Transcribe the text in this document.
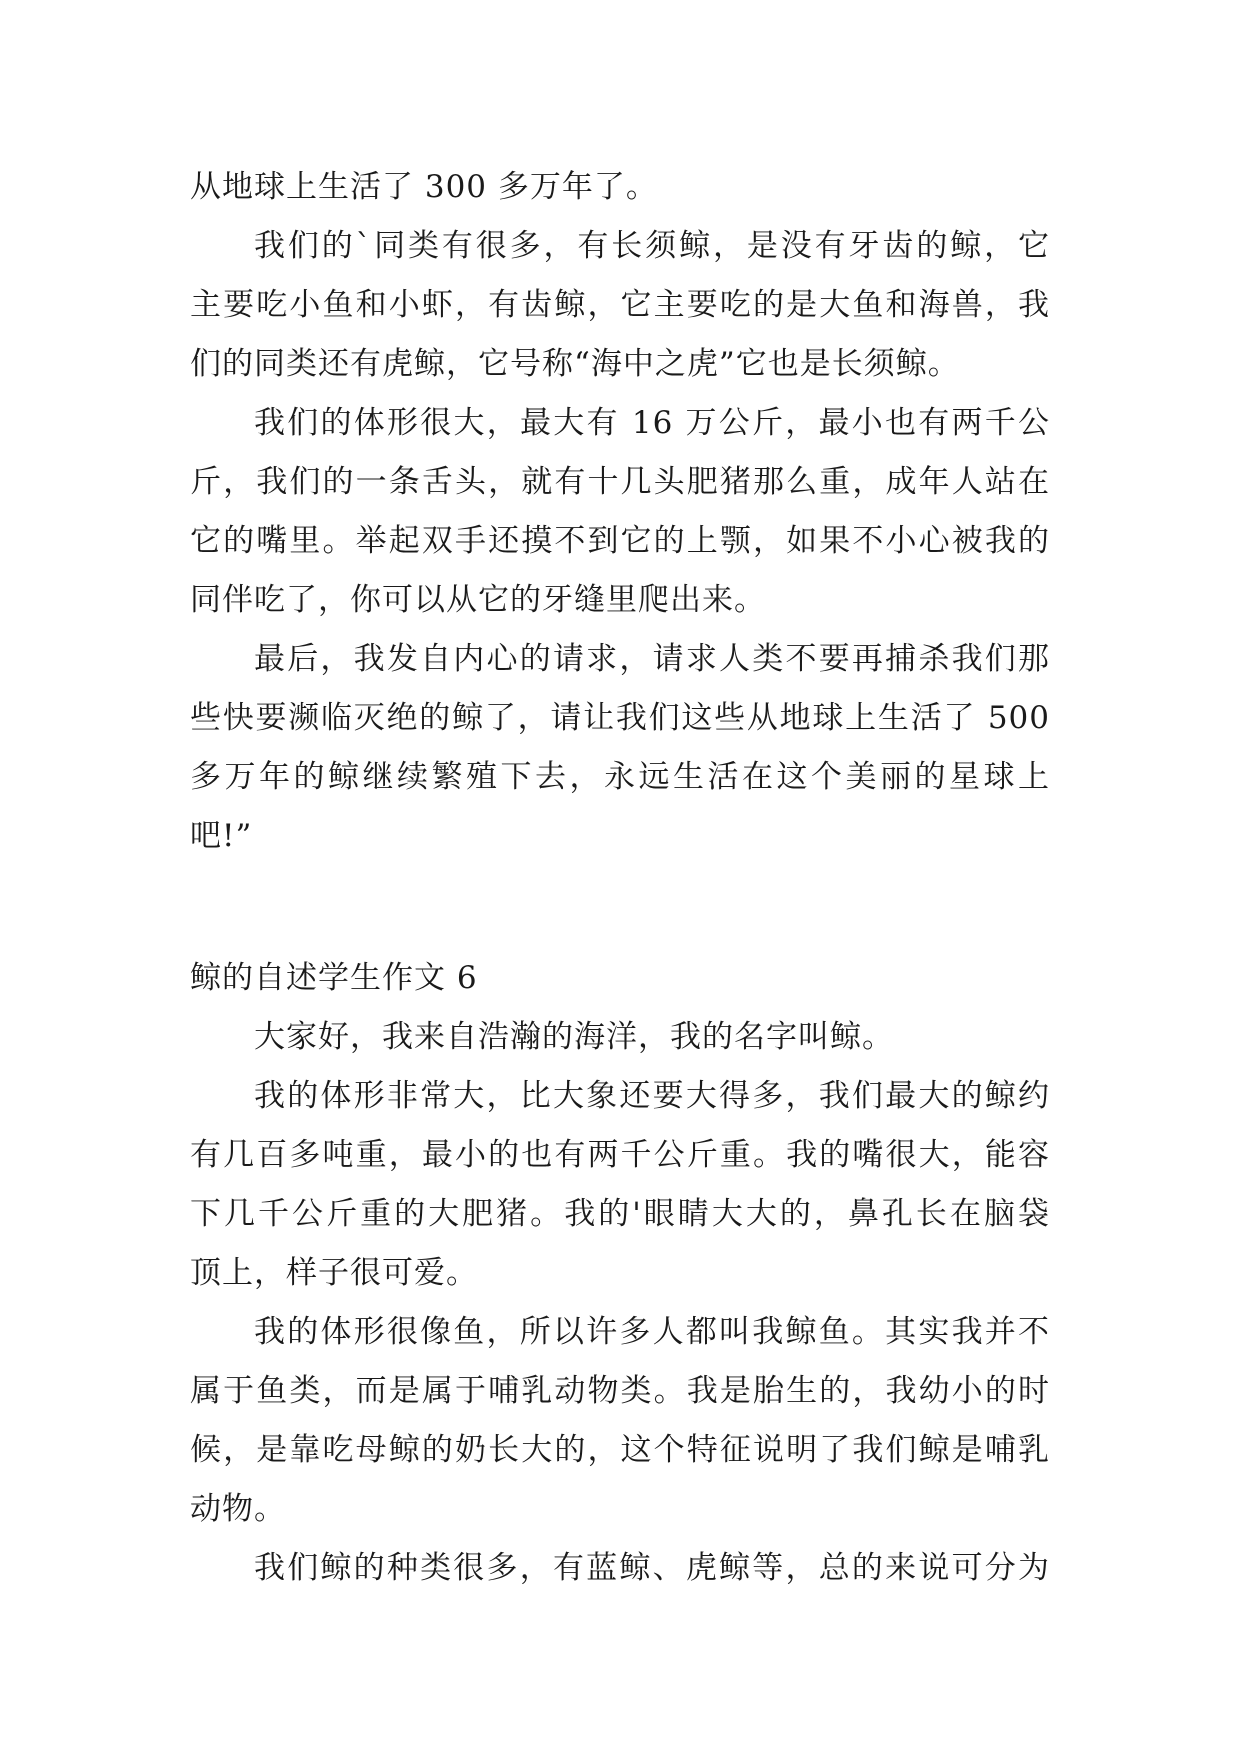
从地球上生活了 300 多万年了。
我们的`同类有很多，有长须鲸，是没有牙齿的鲸，它
主要吃小鱼和小虾，有齿鲸，它主要吃的是大鱼和海兽，我
们的同类还有虎鲸，它号称“海中之虎”它也是长须鲸。
我们的体形很大，最大有 16 万公斤，最小也有两千公
斤，我们的一条舌头，就有十几头肥猪那么重，成年人站在
它的嘴里。举起双手还摸不到它的上颚，如果不小心被我的
同伴吃了，你可以从它的牙缝里爬出来。
最后，我发自内心的请求，请求人类不要再捕杀我们那
些快要濒临灭绝的鲸了，请让我们这些从地球上生活了 500
多万年的鲸继续繁殖下去，永远生活在这个美丽的星球上
吧!”
鲸的自述学生作文 6
大家好，我来自浩瀚的海洋，我的名字叫鲸。
我的体形非常大，比大象还要大得多，我们最大的鲸约
有几百多吨重，最小的也有两千公斤重。我的嘴很大，能容
下几千公斤重的大肥猪。我的'眼睛大大的，鼻孔长在脑袋
顶上，样子很可爱。
我的体形很像鱼，所以许多人都叫我鲸鱼。其实我并不
属于鱼类，而是属于哺乳动物类。我是胎生的，我幼小的时
候，是靠吃母鲸的奶长大的，这个特征说明了我们鲸是哺乳
动物。
我们鲸的种类很多，有蓝鲸、虎鲸等，总的来说可分为
